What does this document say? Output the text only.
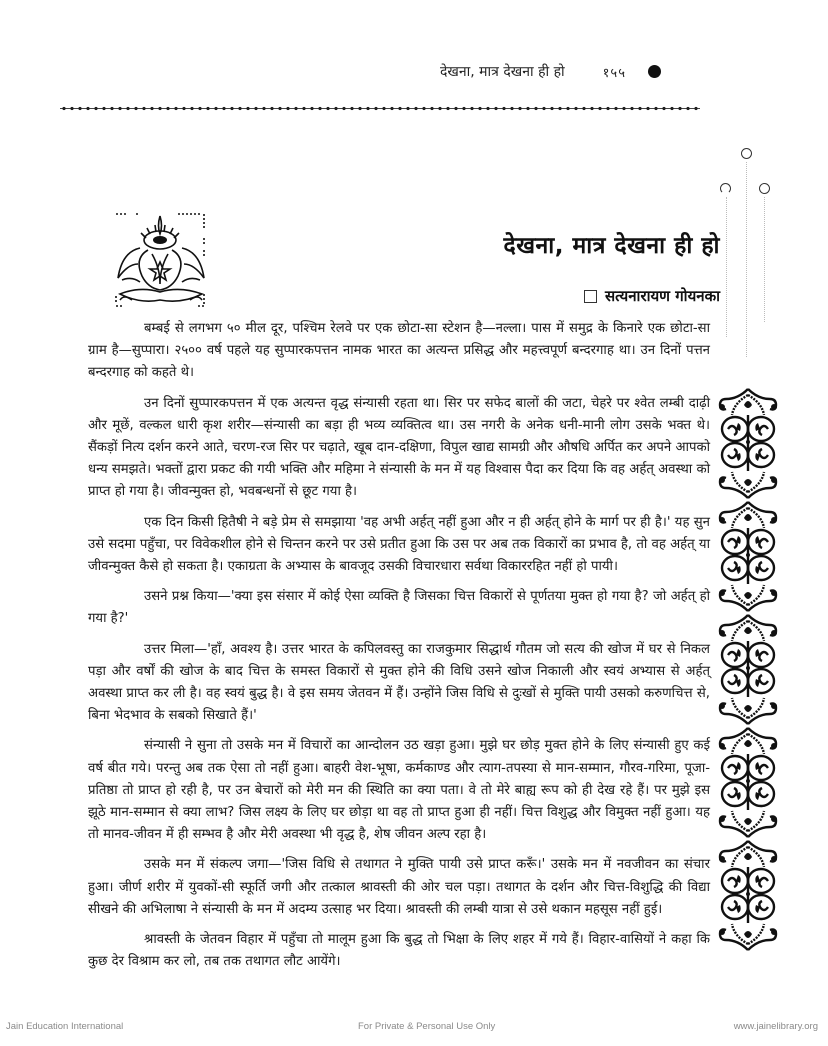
देखना, मात्र देखना ही हो	१५५
देखना, मात्र देखना ही हो
सत्यनारायण गोयनका

बम्बई से लगभग ५० मील दूर, पश्चिम रेलवे पर एक छोटा-सा स्टेशन है—नल्ला। पास में समुद्र के किनारे एक छोटा-सा ग्राम है—सुप्पारा। २५०० वर्ष पहले यह सुप्पारकपत्तन नामक भारत का अत्यन्त प्रसिद्ध और महत्त्वपूर्ण बन्दरगाह था। उन दिनों पत्तन बन्दरगाह को कहते थे।

उन दिनों सुप्पारकपत्तन में एक अत्यन्त वृद्ध संन्यासी रहता था। सिर पर सफेद बालों की जटा, चेहरे पर श्वेत लम्बी दाढ़ी और मूछें, वल्कल धारी कृश शरीर—संन्यासी का बड़ा ही भव्य व्यक्तित्व था। उस नगरी के अनेक धनी-मानी लोग उसके भक्त थे। सैंकड़ों नित्य दर्शन करने आते, चरण-रज सिर पर चढ़ाते, खूब दान-दक्षिणा, विपुल खाद्य सामग्री और औषधि अर्पित कर अपने आपको धन्य समझते। भक्तों द्वारा प्रकट की गयी भक्ति और महिमा ने संन्यासी के मन में यह विश्वास पैदा कर दिया कि वह अर्हत् अवस्था को प्राप्त हो गया है। जीवन्मुक्त हो, भवबन्धनों से छूट गया है।

एक दिन किसी हितैषी ने बड़े प्रेम से समझाया 'वह अभी अर्हत् नहीं हुआ और न ही अर्हत् होने के मार्ग पर ही है।' यह सुन उसे सदमा पहुँचा, पर विवेकशील होने से चिन्तन करने पर उसे प्रतीत हुआ कि उस पर अब तक विकारों का प्रभाव है, तो वह अर्हत् या जीवन्मुक्त कैसे हो सकता है। एकाग्रता के अभ्यास के बावजूद उसकी विचारधारा सर्वथा विकाररहित नहीं हो पायी।

उसने प्रश्न किया—'क्या इस संसार में कोई ऐसा व्यक्ति है जिसका चित्त विकारों से पूर्णतया मुक्त हो गया है? जो अर्हत् हो गया है?'

उत्तर मिला—'हाँ, अवश्य है। उत्तर भारत के कपिलवस्तु का राजकुमार सिद्धार्थ गौतम जो सत्य की खोज में घर से निकल पड़ा और वर्षों की खोज के बाद चित्त के समस्त विकारों से मुक्त होने की विधि उसने खोज निकाली और स्वयं अभ्यास से अर्हत् अवस्था प्राप्त कर ली है। वह स्वयं बुद्ध है। वे इस समय जेतवन में हैं। उन्होंने जिस विधि से दुःखों से मुक्ति पायी उसको करुणचित्त से, बिना भेदभाव के सबको सिखाते हैं।'

संन्यासी ने सुना तो उसके मन में विचारों का आन्दोलन उठ खड़ा हुआ। मुझे घर छोड़ मुक्त होने के लिए संन्यासी हुए कई वर्ष बीत गये। परन्तु अब तक ऐसा तो नहीं हुआ। बाहरी वेश-भूषा, कर्मकाण्ड और त्याग-तपस्या से मान-सम्मान, गौरव-गरिमा, पूजा-प्रतिष्ठा तो प्राप्त हो रही है, पर उन बेचारों को मेरी मन की स्थिति का क्या पता। वे तो मेरे बाह्य रूप को ही देख रहे हैं। पर मुझे इस झूठे मान-सम्मान से क्या लाभ? जिस लक्ष्य के लिए घर छोड़ा था वह तो प्राप्त हुआ ही नहीं। चित्त विशुद्ध और विमुक्त नहीं हुआ। यह तो मानव-जीवन में ही सम्भव है और मेरी अवस्था भी वृद्ध है, शेष जीवन अल्प रहा है।

उसके मन में संकल्प जगा—'जिस विधि से तथागत ने मुक्ति पायी उसे प्राप्त करूँ।' उसके मन में नवजीवन का संचार हुआ। जीर्ण शरीर में युवकों-सी स्फूर्ति जगी और तत्काल श्रावस्ती की ओर चल पड़ा। तथागत के दर्शन और चित्त-विशुद्धि की विद्या सीखने की अभिलाषा ने संन्यासी के मन में अदम्य उत्साह भर दिया। श्रावस्ती की लम्बी यात्रा से उसे थकान महसूस नहीं हुई।

श्रावस्ती के जेतवन विहार में पहुँचा तो मालूम हुआ कि बुद्ध तो भिक्षा के लिए शहर में गये हैं। विहार-वासियों ने कहा कि कुछ देर विश्राम कर लो, तब तक तथागत लौट आयेंगे।

Jain Education International	For Private & Personal Use Only	www.jainelibrary.org
